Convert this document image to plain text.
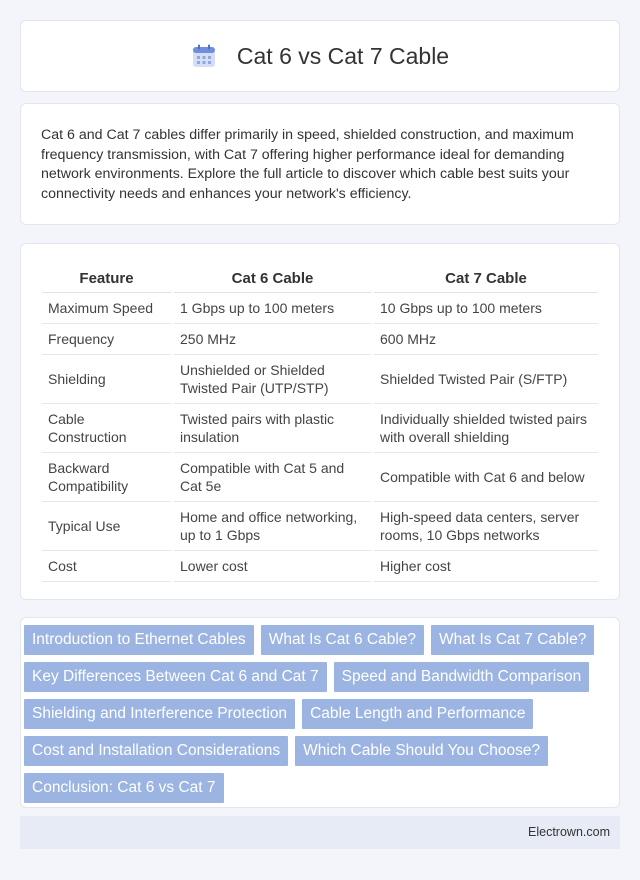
Cat 6 vs Cat 7 Cable

Cat 6 and Cat 7 cables differ primarily in speed, shielded construction, and maximum frequency transmission, with Cat 7 offering higher performance ideal for demanding network environments. Explore the full article to discover which cable best suits your connectivity needs and enhances your network's efficiency.

Feature	Cat 6 Cable	Cat 7 Cable
Maximum Speed	1 Gbps up to 100 meters	10 Gbps up to 100 meters
Frequency	250 MHz	600 MHz
Shielding	Unshielded or Shielded Twisted Pair (UTP/STP)	Shielded Twisted Pair (S/FTP)
Cable Construction	Twisted pairs with plastic insulation	Individually shielded twisted pairs with overall shielding
Backward Compatibility	Compatible with Cat 5 and Cat 5e	Compatible with Cat 6 and below
Typical Use	Home and office networking, up to 1 Gbps	High-speed data centers, server rooms, 10 Gbps networks
Cost	Lower cost	Higher cost
Introduction to Ethernet Cables	What Is Cat 6 Cable?	What Is Cat 7 Cable?
Key Differences Between Cat 6 and Cat 7	Speed and Bandwidth Comparison
Shielding and Interference Protection	Cable Length and Performance
Cost and Installation Considerations	Which Cable Should You Choose?
Conclusion: Cat 6 vs Cat 7
Electrown.com
